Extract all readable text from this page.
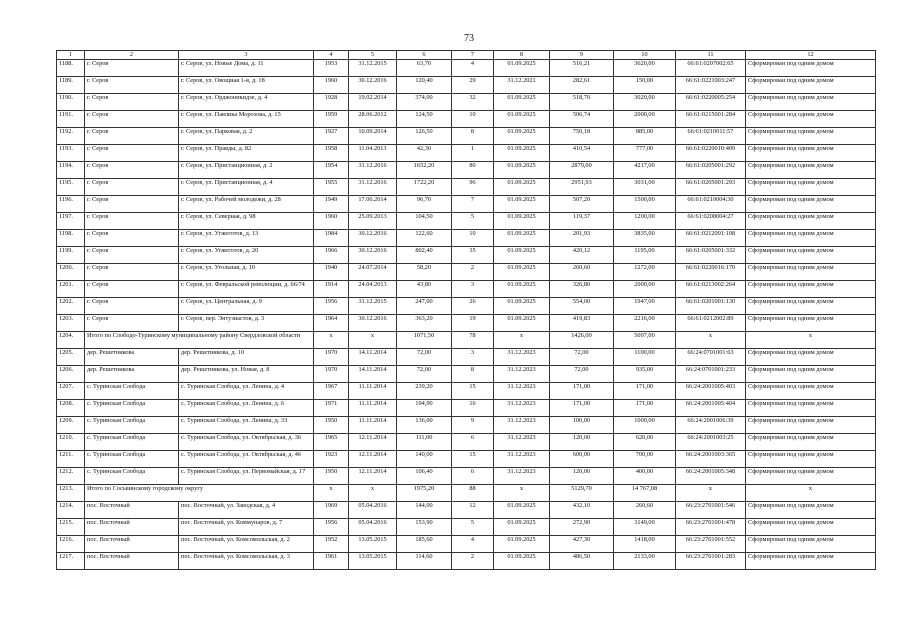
73
1	2	3	4	5	6	7	8	9	10	11	12
1188.	г. Серов	г. Серов, ул. Новые Дома, д. 11	1953	31.12.2015	63,70	4	01.09.2025	516,21	3620,00	66:61:0207002:65	Сформирован под одним домом
1189.	г. Серов	г. Серов, ул. Овощная 1-я, д. 18	1960	30.12.2016	120,40	29	31.12.2021	282,61	150,00	66:61:0221003:247	Сформирован под одним домом
1190.	г. Серов	г. Серов, ул. Орджоникидзе, д. 4	1928	19.02.2014	374,00	32	01.09.2025	518,70	3020,00	66:61:0220005:254	Сформирован под одним домом
1191.	г. Серов	г. Серов, ул. Павлика Морозова, д. 15	1959	28.06.2012	124,50	10	01.09.2025	506,74	2000,00	66:61:0215001:284	Сформирован под одним домом
1192.	г. Серов	г. Серов, ул. Парковая, д. 2	1927	10.09.2014	126,50	8	01.09.2025	750,18	885,00	66:61:0210011:57	Сформирован под одним домом
1193.	г. Серов	г. Серов, ул. Правды, д. 82	1958	11.04.2013	42,30	1	01.09.2025	410,54	777,00	66:61:0220010:409	Сформирован под одним домом
1194.	г. Серов	г. Серов, ул. Пристанционная, д. 2	1954	31.12.2016	1652,20	80	01.09.2025	2879,00	4217,00	66:61:0205001:292	Сформирован под одним домом
1195.	г. Серов	г. Серов, ул. Пристанционная, д. 4	1955	31.12.2016	1722,20	96	01.09.2025	2951,93	3031,00	66:61:0205001:293	Сформирован под одним домом
1196.	г. Серов	г. Серов, ул. Рабочей молодежи, д. 28	1949	17.06.2014	96,70	7	01.09.2025	507,20	1500,00	66:61:0210004:30	Сформирован под одним домом
1197.	г. Серов	г. Серов, ул. Северная, д. 98	1960	25.09.2013	104,50	5	01.09.2025	119,37	1200,00	66:61:0208004:27	Сформирован под одним домом
1198.	г. Серов	г. Серов, ул. Угжеготов, д. 13	1984	30.12.2016	122,60	10	01.09.2025	201,93	3835,00	66:61:0212001:108	Сформирован под одним домом
1199.	г. Серов	г. Серов, ул. Угжеготов, д. 20	1966	30.12.2016	802,40	35	01.09.2025	420,12	1195,00	66:61:0205001:332	Сформирован под одним домом
1200.	г. Серов	г. Серов, ул. Угольная, д. 10	1940	24.07.2014	58,20	2	01.09.2025	260,60	1272,00	66:61:0220016:170	Сформирован под одним домом
1201.	г. Серов	г. Серов, ул. Февральской революции, д. 66/74	1914	24.04.2013	43,80	3	01.09.2025	326,80	2000,00	66:61:0213002:264	Сформирован под одним домом
1202.	г. Серов	г. Серов, ул. Центральная, д. 9	1956	31.12.2015	247,00	26	01.09.2025	554,00	1947,00	66:61:0201001:130	Сформирован под одним домом
1203.	г. Серов	г. Серов, пер. Энтузиастов, д. 3	1964	30.12.2016	363,20	19	01.09.2025	419,83	2216,00	66:61:0212002:89	Сформирован под одним домом
1204.	Итого по Слободо-Туринскому муниципальному району Свердловской области		x	x	1071,50	78	x	1426,00	5097,00	x	x
1205.	дер. Решетникова	дер. Решетникова, д. 10	1970	14.11.2014	72,00	3	31.12.2023	72,00	1100,00	66:24:0701001:63	Сформирован под одним домом
1206.	дер. Решетникова	дер. Решетникова, ул. Новая, д. 8	1970	14.11.2014	72,00	8	31.12.2023	72,00	935,00	66:24:0701001:233	Сформирован под одним домом
1207.	с. Туринская Слобода	с. Туринская Слобода, ул. Ленина, д. 4	1967	11.11.2014	239,20	15	31.12.2023	171,00	171,00	66:24:2001005:403	Сформирован под одним домом
1208.	с. Туринская Слобода	с. Туринская Слобода, ул. Ленина, д. 6	1971	11.11.2014	194,90	16	31.12.2023	171,00	171,00	66:24:2001005:404	Сформирован под одним домом
1209.	с. Туринская Слобода	с. Туринская Слобода, ул. Ленина, д. 33	1950	11.11.2014	136,00	9	31.12.2023	100,00	1000,00	66:24:2001006:39	Сформирован под одним домом
1210.	с. Туринская Слобода	с. Туринская Слобода, ул. Октябрьская, д. 36	1965	12.11.2014	111,00	6	31.12.2023	120,00	620,00	66:24:2001003:25	Сформирован под одним домом
1211.	с. Туринская Слобода	с. Туринская Слобода, ул. Октябрьская, д. 46	1923	12.11.2014	140,00	15	31.12.2023	600,00	700,00	66:24:2001003:365	Сформирован под одним домом
1212.	с. Туринская Слобода	с. Туринская Слобода, ул. Первомайская, д. 17	1950	12.11.2014	106,40	6	31.12.2023	120,00	400,00	66:24:2001005:348	Сформирован под одним домом
1213.	Итого по Сосьвинскому городскому округу		x	x	1975,20	88	x	5129,70	14 767,08	x	x
1214.	пос. Восточный	пос. Восточный, ул. Заводская, д. 4	1969	05.04.2016	144,00	12	01.09.2025	432,10	260,60	66:23:2701001:546	Сформирован под одним домом
1215.	пос. Восточный	пос. Восточный, ул. Коммунаров, д. 7	1956	05.04.2016	153,90	5	01.09.2025	272,90	3149,00	66:23:2701001:478	Сформирован под одним домом
1216.	пос. Восточный	пос. Восточный, ул. Комсомольская, д. 2	1952	13.05.2015	185,60	4	01.09.2025	427,30	1418,00	66:23:2701001:552	Сформирован под одним домом
1217.	пос. Восточный	пос. Восточный, ул. Комсомольская, д. 3	1961	13.05.2015	114,60	2	01.09.2025	486,50	2133,00	66:23:2701001:283	Сформирован под одним домом
